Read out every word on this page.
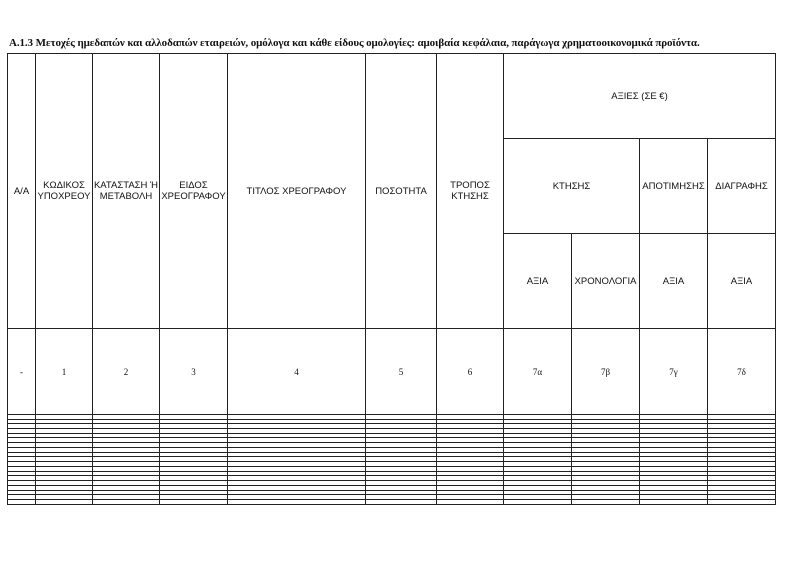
Α.1.3 Μετοχές ημεδαπών και αλλοδαπών εταιρειών, ομόλογα και κάθε είδους ομολογίες: αμοιβαία κεφάλαια, παράγωγα χρηματοοικονομικά προϊόντα.
Α/Α	ΚΩΔΙΚΟΣ ΥΠΟΧΡΕΟΥ	ΚΑΤΑΣΤΑΣΗ Ή ΜΕΤΑΒΟΛΗ	ΕΙΔΟΣ ΧΡΕΟΓΡΑΦΟΥ	ΤΙΤΛΟΣ ΧΡΕΟΓΡΑΦΟΥ	ΠΟΣΟΤΗΤΑ	ΤΡΟΠΟΣ ΚΤΗΣΗΣ	ΑΞΙΕΣ (ΣΕ €)			
							ΚΤΗΣΗΣ		ΑΠΟΤΙΜΗΣΗΣ	ΔΙΑΓΡΑΦΗΣ
							ΑΞΙΑ	ΧΡΟΝΟΛΟΓΙΑ	ΑΞΙΑ	ΑΞΙΑ
-	1	2	3	4	5	6	7α	7β	7γ	7δ
